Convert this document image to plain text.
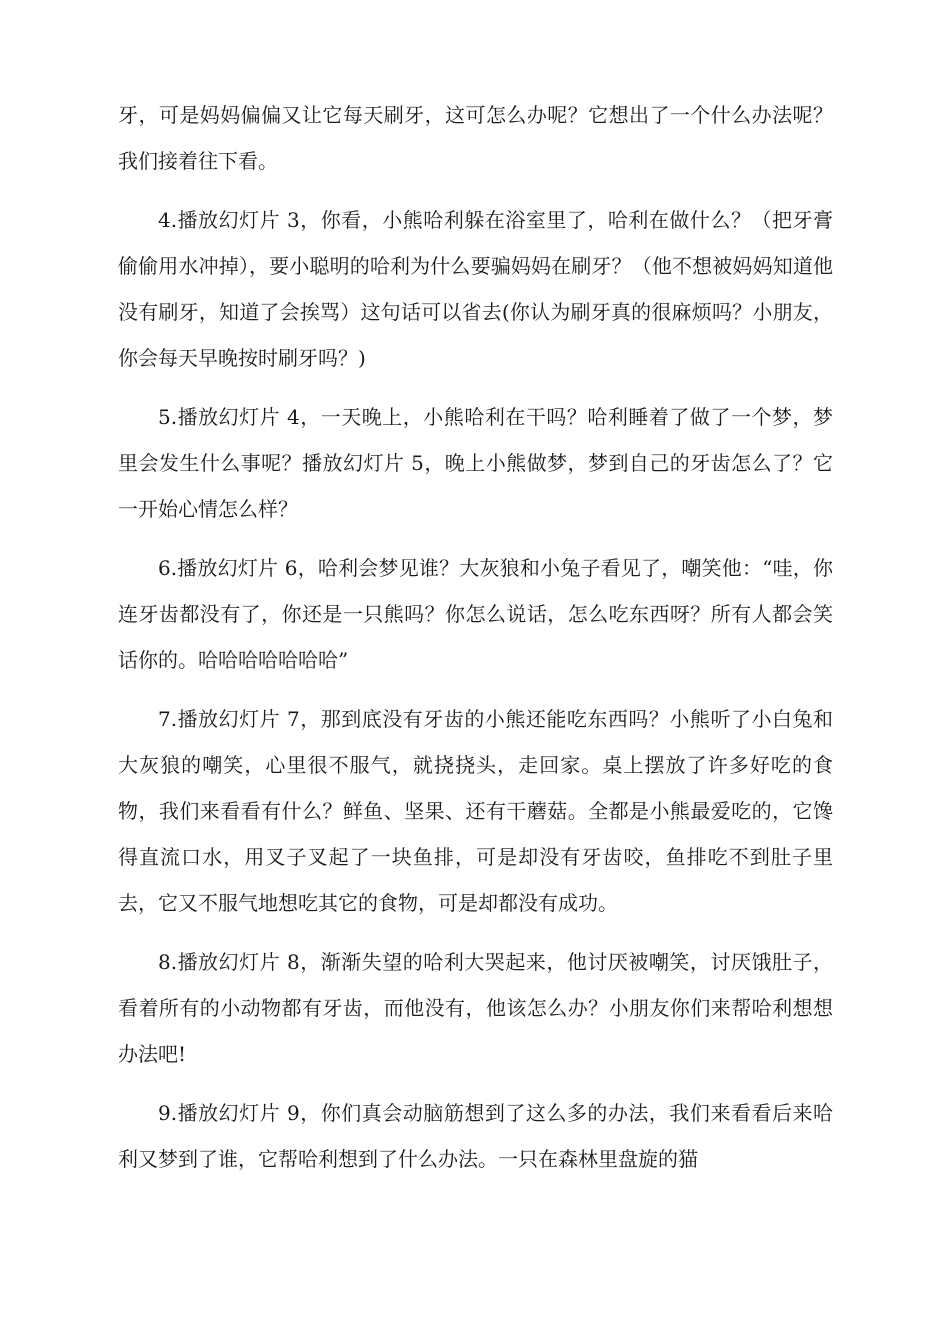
牙，可是妈妈偏偏又让它每天刷牙，这可怎么办呢？它想出了一个什么办法呢？我们接着往下看。

4.播放幻灯片 3，你看，小熊哈利躲在浴室里了，哈利在做什么？（把牙膏偷偷用水冲掉），要小聪明的哈利为什么要骗妈妈在刷牙？（他不想被妈妈知道他没有刷牙，知道了会挨骂）这句话可以省去(你认为刷牙真的很麻烦吗？小朋友，你会每天早晚按时刷牙吗？)

5.播放幻灯片 4，一天晚上，小熊哈利在干吗？哈利睡着了做了一个梦，梦里会发生什么事呢？播放幻灯片 5，晚上小熊做梦，梦到自己的牙齿怎么了？它一开始心情怎么样？

6.播放幻灯片 6，哈利会梦见谁？大灰狼和小兔子看见了，嘲笑他：“哇，你连牙齿都没有了，你还是一只熊吗？你怎么说话，怎么吃东西呀？所有人都会笑话你的。哈哈哈哈哈哈哈”

7.播放幻灯片 7，那到底没有牙齿的小熊还能吃东西吗？小熊听了小白兔和大灰狼的嘲笑，心里很不服气，就挠挠头，走回家。桌上摆放了许多好吃的食物，我们来看看有什么？鲜鱼、坚果、还有干蘑菇。全都是小熊最爱吃的，它馋得直流口水，用叉子叉起了一块鱼排，可是却没有牙齿咬，鱼排吃不到肚子里去，它又不服气地想吃其它的食物，可是却都没有成功。

8.播放幻灯片 8，渐渐失望的哈利大哭起来，他讨厌被嘲笑，讨厌饿肚子，看着所有的小动物都有牙齿，而他没有，他该怎么办？小朋友你们来帮哈利想想办法吧!

9.播放幻灯片 9，你们真会动脑筋想到了这么多的办法，我们来看看后来哈利又梦到了谁，它帮哈利想到了什么办法。一只在森林里盘旋的猫
